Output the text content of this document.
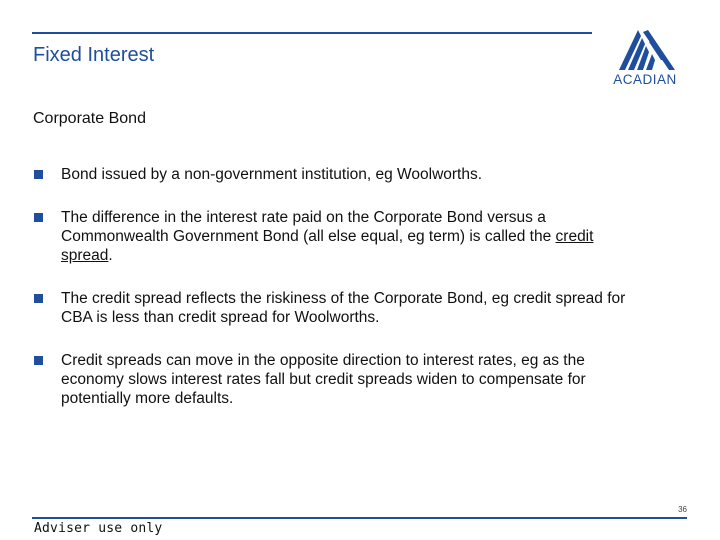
Fixed Interest
ACADIAN
Corporate Bond
Bond issued by a non-government institution, eg Woolworths.
The difference in the interest rate paid on the Corporate Bond versus a Commonwealth Government Bond (all else equal, eg term) is called the credit spread.
The credit spread reflects the riskiness of the Corporate Bond, eg credit spread for CBA is less than credit spread for Woolworths.
Credit spreads can move in the opposite direction to interest rates, eg as the economy slows interest rates fall but credit spreads widen to compensate for potentially more defaults.
36
Adviser use only
